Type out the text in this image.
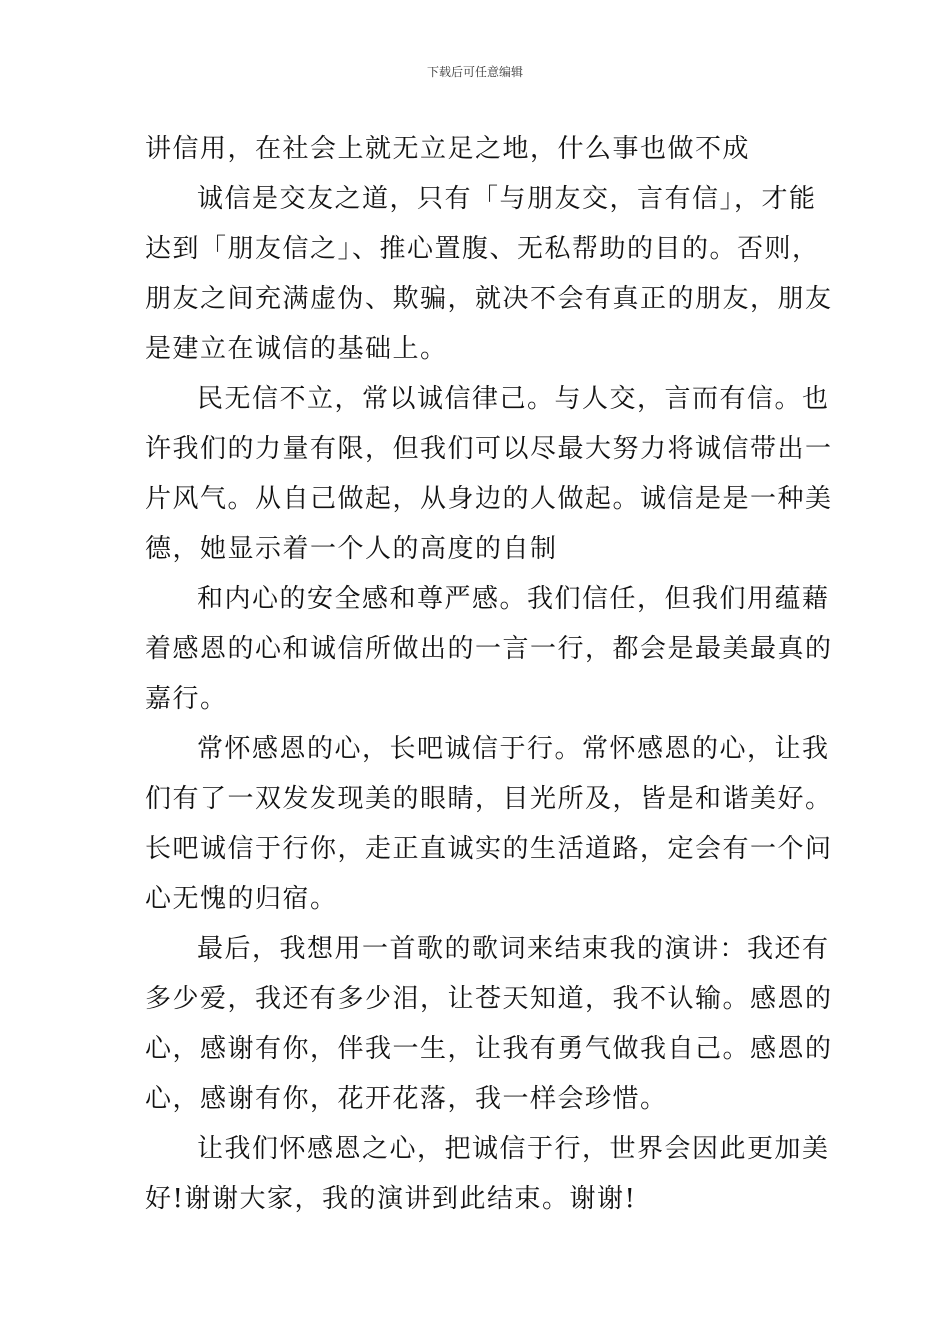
下载后可任意编辑
讲信用，在社会上就无立足之地，什么事也做不成
诚信是交友之道，只有「与朋友交，言有信」，才能
达到「朋友信之」、推心置腹、无私帮助的目的。否则，
朋友之间充满虚伪、欺骗，就决不会有真正的朋友，朋友
是建立在诚信的基础上。
民无信不立，常以诚信律己。与人交，言而有信。也
许我们的力量有限，但我们可以尽最大努力将诚信带出一
片风气。从自己做起，从身边的人做起。诚信是是一种美
德，她显示着一个人的高度的自制
和内心的安全感和尊严感。我们信任，但我们用蕴藉
着感恩的心和诚信所做出的一言一行，都会是最美最真的
嘉行。
常怀感恩的心，长吧诚信于行。常怀感恩的心，让我
们有了一双发发现美的眼睛，目光所及，皆是和谐美好。
长吧诚信于行你，走正直诚实的生活道路，定会有一个问
心无愧的归宿。
最后，我想用一首歌的歌词来结束我的演讲：我还有
多少爱，我还有多少泪，让苍天知道，我不认输。感恩的
心，感谢有你，伴我一生，让我有勇气做我自己。感恩的
心，感谢有你，花开花落，我一样会珍惜。
让我们怀感恩之心，把诚信于行，世界会因此更加美
好!谢谢大家，我的演讲到此结束。谢谢!
